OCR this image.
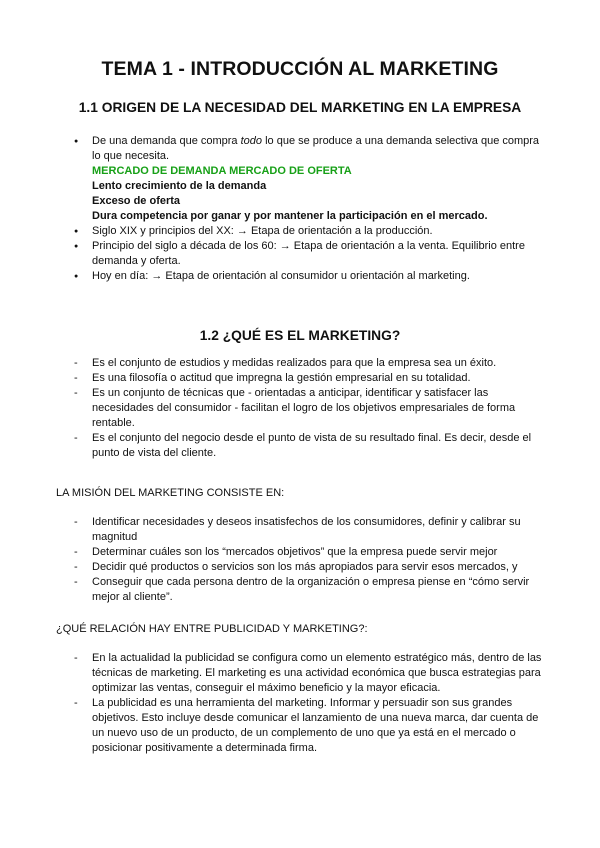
TEMA 1 - INTRODUCCIÓN AL MARKETING
1.1 ORIGEN DE LA NECESIDAD DEL MARKETING EN LA EMPRESA
● De una demanda que compra todo lo que se produce a una demanda selectiva que compra lo que necesita.
MERCADO DE DEMANDA MERCADO DE OFERTA
Lento crecimiento de la demanda
Exceso de oferta
Dura competencia por ganar y por mantener la participación en el mercado.
● Siglo XIX y principios del XX: → Etapa de orientación a la producción.
● Principio del siglo a década de los 60: → Etapa de orientación a la venta. Equilibrio entre demanda y oferta.
● Hoy en día: → Etapa de orientación al consumidor u orientación al marketing.
1.2 ¿QUÉ ES EL MARKETING?
- Es el conjunto de estudios y medidas realizados para que la empresa sea un éxito.
- Es una filosofía o actitud que impregna la gestión empresarial en su totalidad.
- Es un conjunto de técnicas que - orientadas a anticipar, identificar y satisfacer las necesidades del consumidor - facilitan el logro de los objetivos empresariales de forma rentable.
- Es el conjunto del negocio desde el punto de vista de su resultado final. Es decir, desde el punto de vista del cliente.

LA MISIÓN DEL MARKETING CONSISTE EN:

- Identificar necesidades y deseos insatisfechos de los consumidores, definir y calibrar su magnitud
- Determinar cuáles son los “mercados objetivos” que la empresa puede servir mejor
- Decidir qué productos o servicios son los más apropiados para servir esos mercados, y
- Conseguir que cada persona dentro de la organización o empresa piense en “cómo servir mejor al cliente”.

¿QUÉ RELACIÓN HAY ENTRE PUBLICIDAD Y MARKETING?:

- En la actualidad la publicidad se configura como un elemento estratégico más, dentro de las técnicas de marketing. El marketing es una actividad económica que busca estrategias para optimizar las ventas, conseguir el máximo beneficio y la mayor eficacia.
- La publicidad es una herramienta del marketing. Informar y persuadir son sus grandes objetivos. Esto incluye desde comunicar el lanzamiento de una nueva marca, dar cuenta de un nuevo uso de un producto, de un complemento de uno que ya está en el mercado o posicionar positivamente a determinada firma.
